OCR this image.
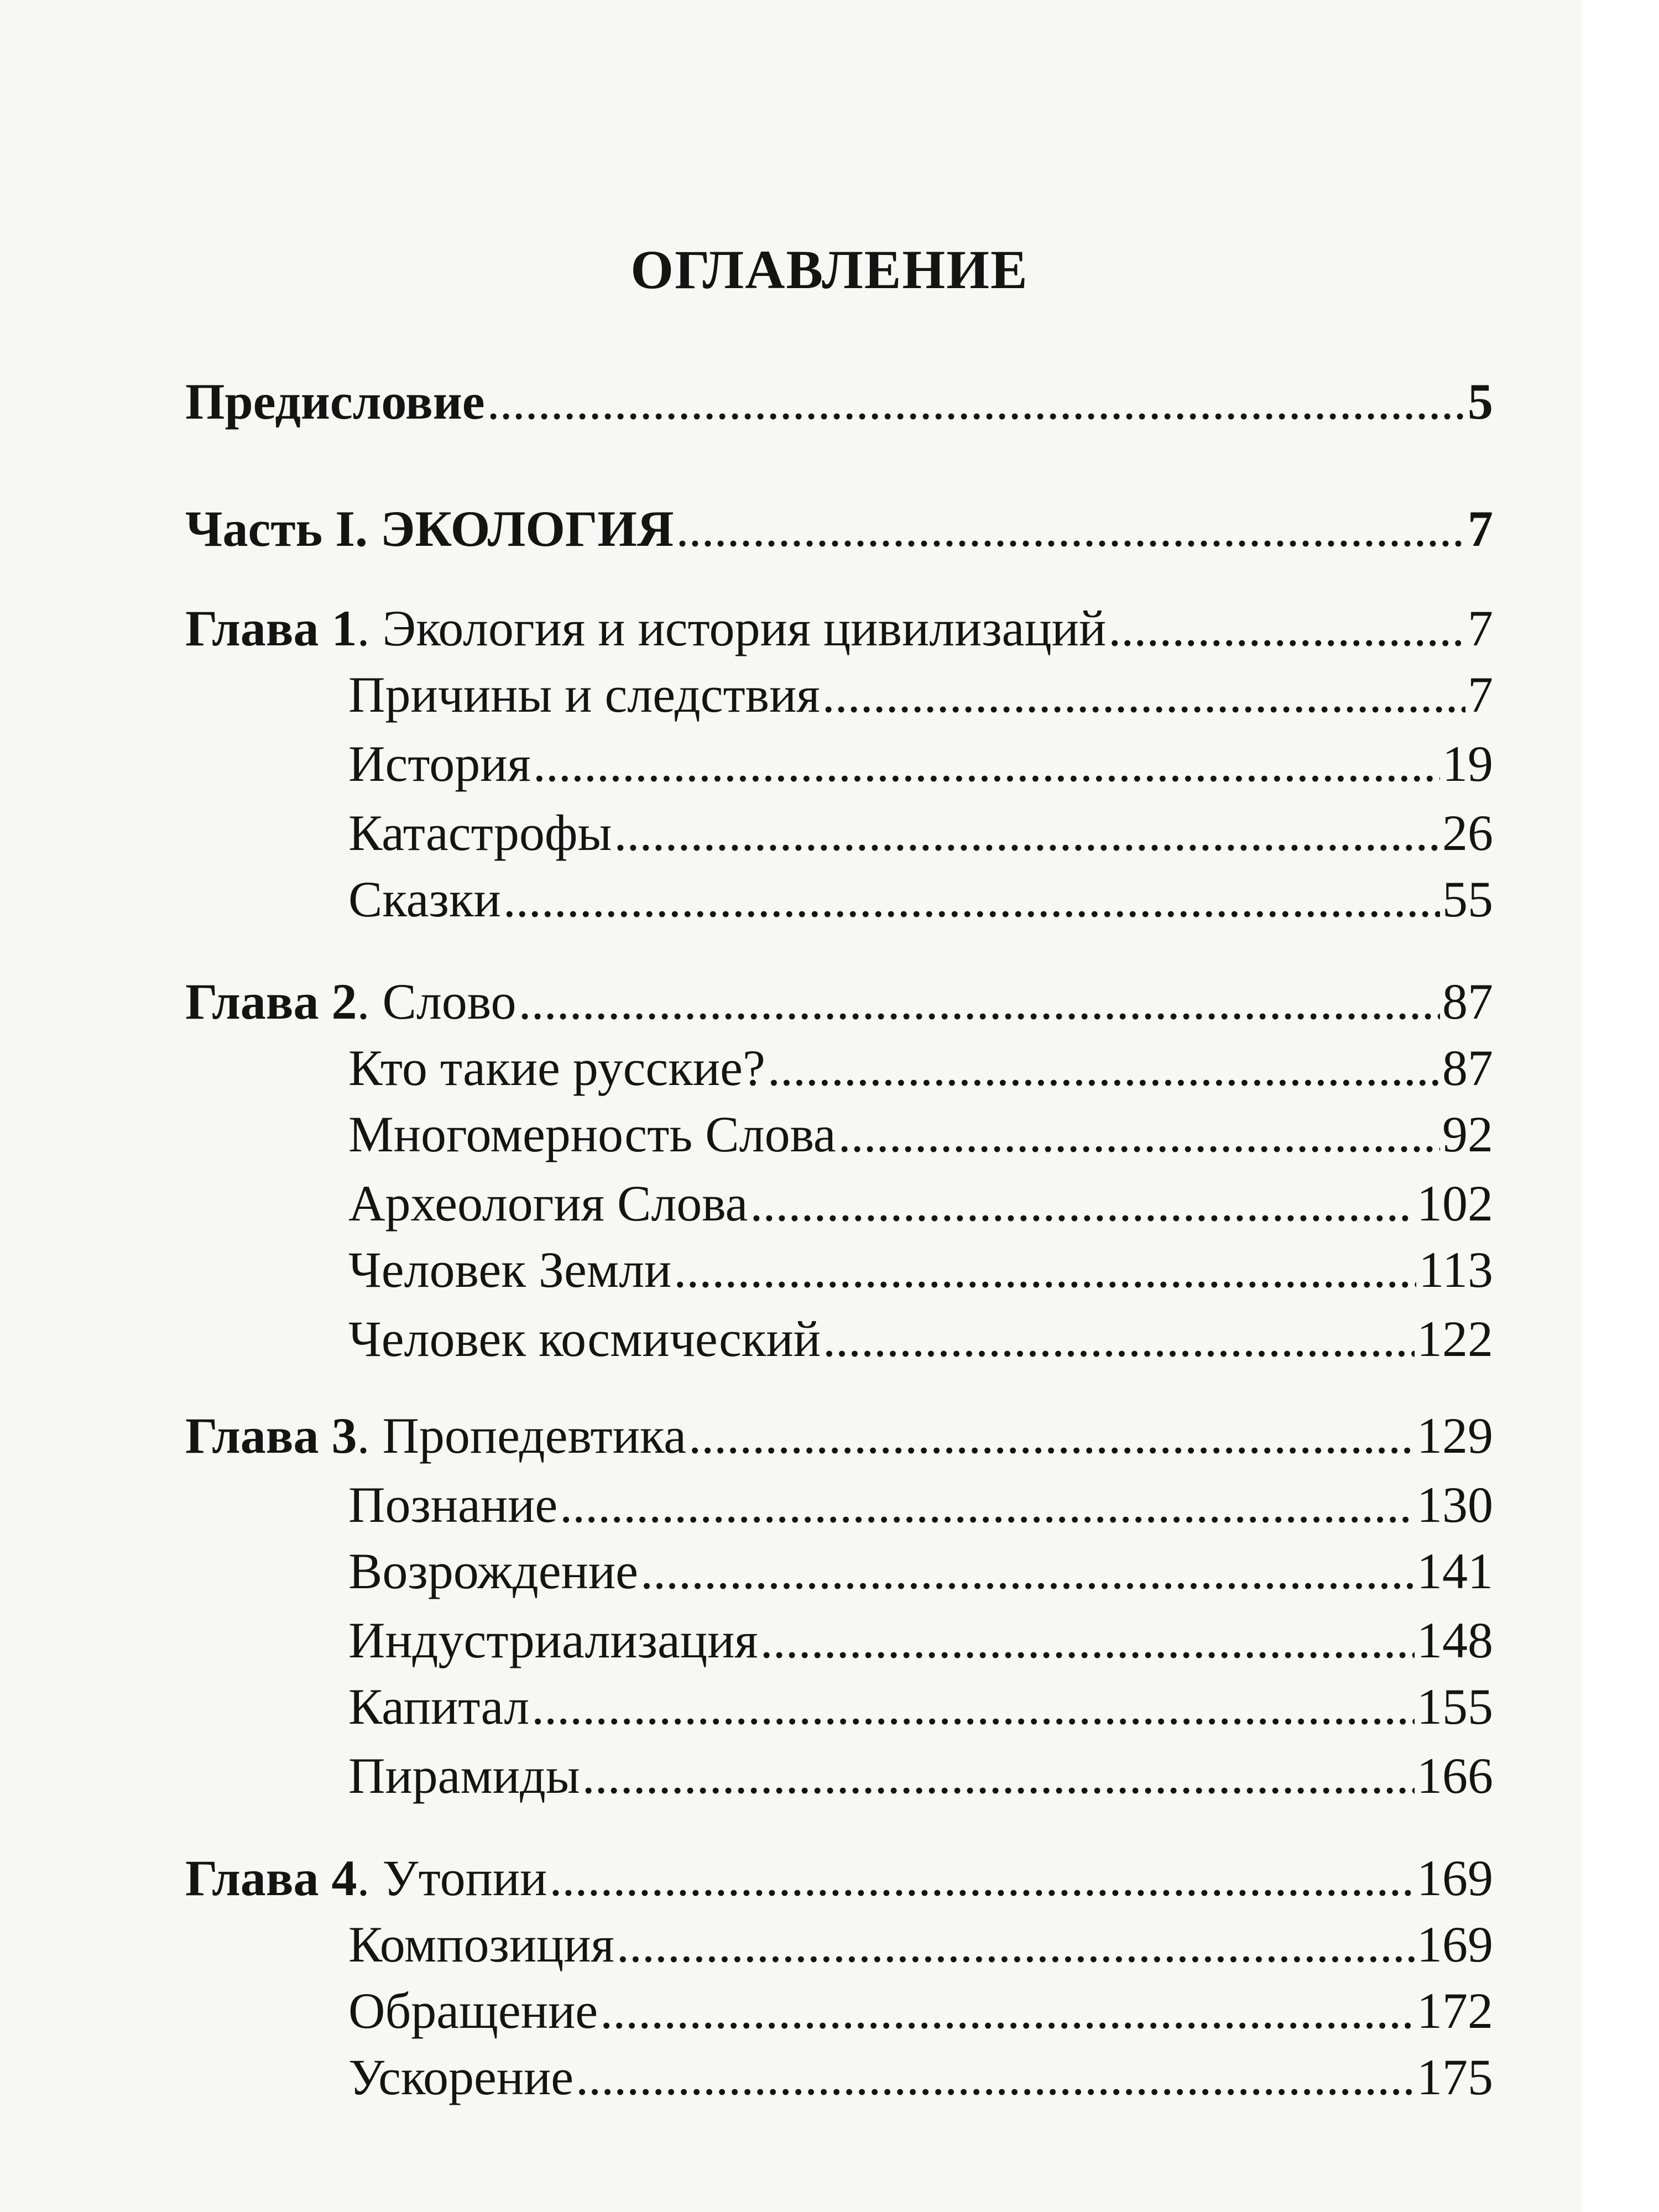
ОГЛАВЛЕНИЕ
Предисловие .....	5
Часть I. ЭКОЛОГИЯ .....	7
Глава 1. Экология и история цивилизаций .....	7
Причины и следствия .....	7
История .....	19
Катастрофы .....	26
Сказки .....	55
Глава 2. Слово .....	87
Кто такие русские? .....	87
Многомерность Слова .....	92
Археология Слова .....	102
Человек Земли .....	113
Человек космический .....	122
Глава 3. Пропедевтика .....	129
Познание .....	130
Возрождение .....	141
Индустриализация .....	148
Капитал .....	155
Пирамиды .....	166
Глава 4. Утопии .....	169
Композиция .....	169
Обращение .....	172
Ускорение .....	175
